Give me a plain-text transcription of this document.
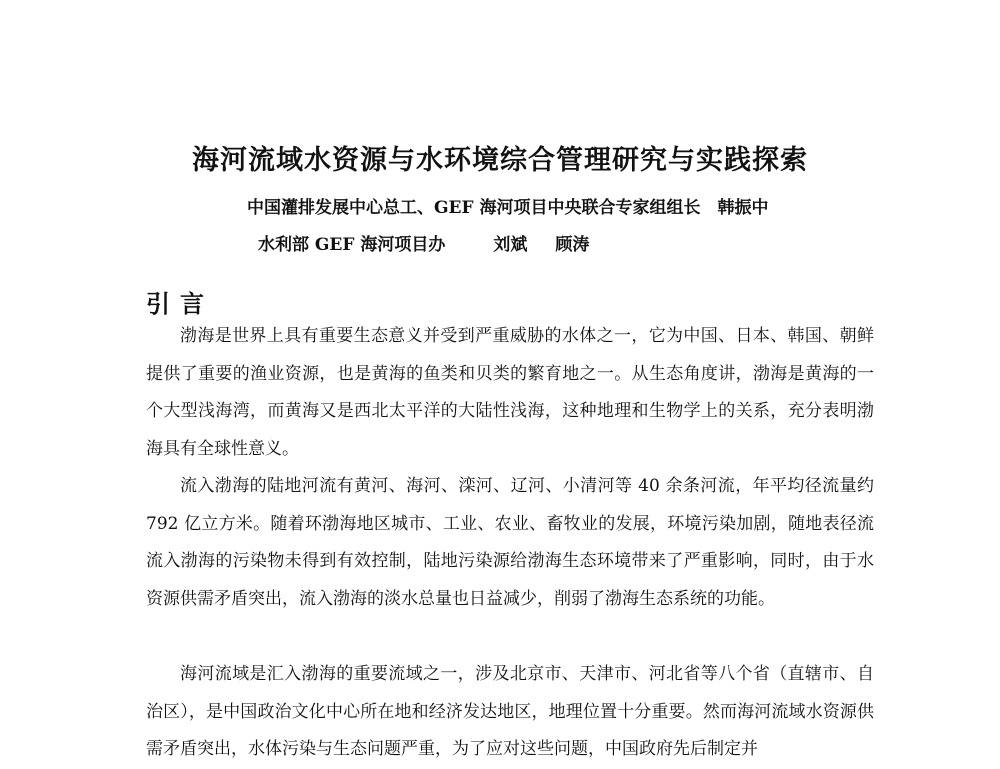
海河流域水资源与水环境综合管理研究与实践探索

中国灌排发展中心总工、GEF 海河项目中央联合专家组组长　韩振中

水利部 GEF 海河项目办	刘斌 顾涛

引言

渤海是世界上具有重要生态意义并受到严重威胁的水体之一，它为中国、日本、韩国、朝鲜提供了重要的渔业资源，也是黄海的鱼类和贝类的繁育地之一。从生态角度讲，渤海是黄海的一个大型浅海湾，而黄海又是西北太平洋的大陆性浅海，这种地理和生物学上的关系，充分表明渤海具有全球性意义。

流入渤海的陆地河流有黄河、海河、滦河、辽河、小清河等 40 余条河流，年平均径流量约 792 亿立方米。随着环渤海地区城市、工业、农业、畜牧业的发展，环境污染加剧，随地表径流流入渤海的污染物未得到有效控制，陆地污染源给渤海生态环境带来了严重影响，同时，由于水资源供需矛盾突出，流入渤海的淡水总量也日益减少，削弱了渤海生态系统的功能。

海河流域是汇入渤海的重要流域之一，涉及北京市、天津市、河北省等八个省（直辖市、自治区），是中国政治文化中心所在地和经济发达地区，地理位置十分重要。然而海河流域水资源供需矛盾突出，水体污染与生态问题严重，为了应对这些问题，中国政府先后制定并
